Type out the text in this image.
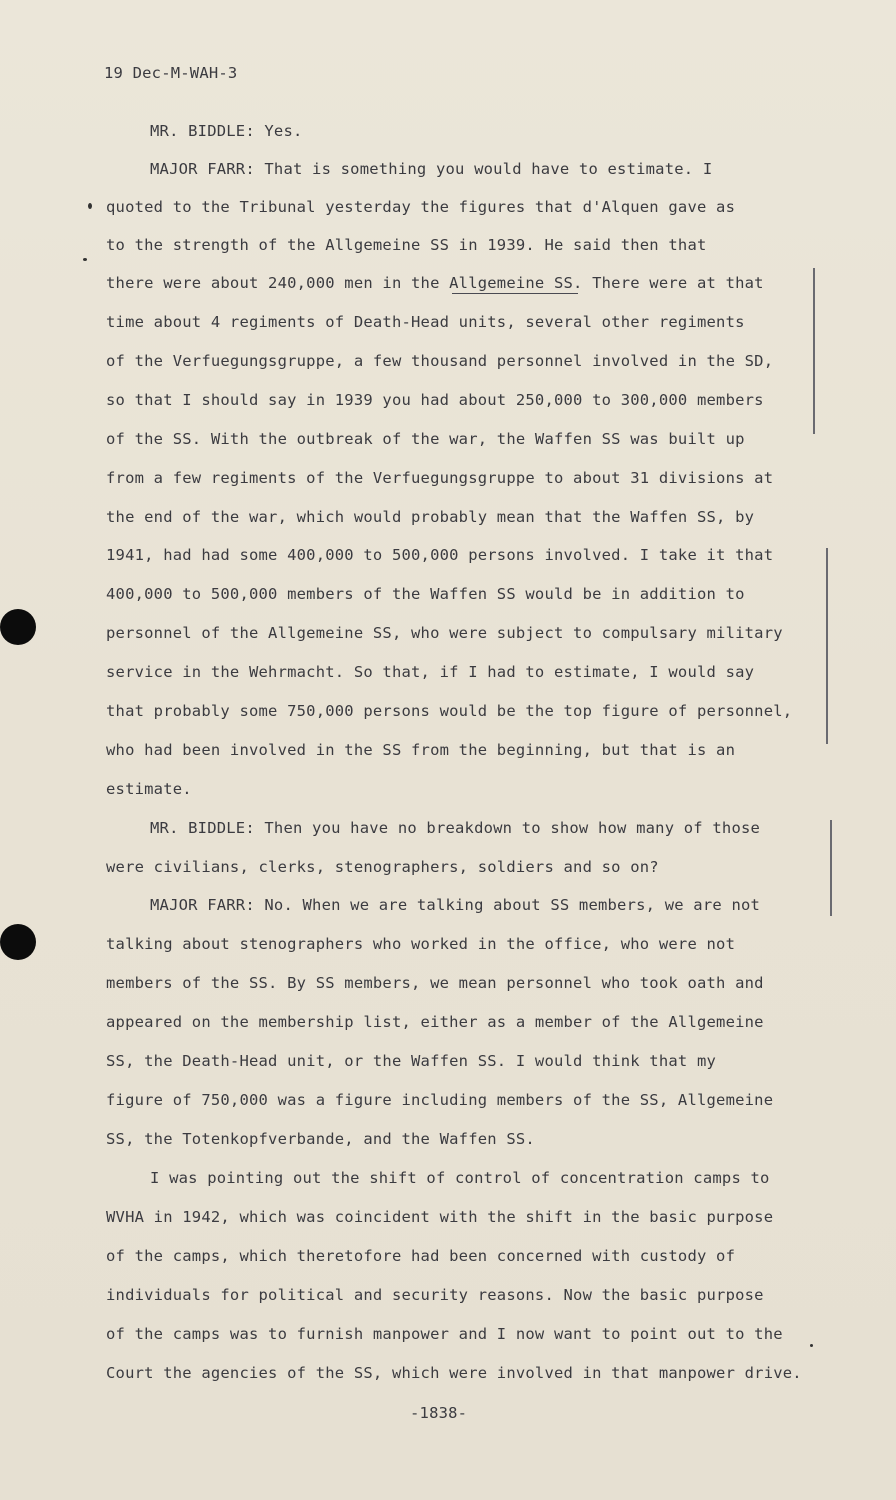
19 Dec-M-WAH-3
MR. BIDDLE: Yes.
MAJOR FARR: That is something you would have to estimate. I
quoted to the Tribunal yesterday the figures that d'Alquen gave as
to the strength of the Allgemeine SS in 1939. He said then that
there were about 240,000 men in the Allgemeine SS. There were at that
time about 4 regiments of Death-Head units, several other regiments
of the Verfuegungsgruppe, a few thousand personnel involved in the SD,
so that I should say in 1939 you had about 250,000 to 300,000 members
of the SS. With the outbreak of the war, the Waffen SS was built up
from a few regiments of the Verfuegungsgruppe to about 31 divisions at
the end of the war, which would probably mean that the Waffen SS, by
1941, had had some 400,000 to 500,000 persons involved. I take it that
400,000 to 500,000 members of the Waffen SS would be in addition to
personnel of the Allgemeine SS, who were subject to compulsary military
service in the Wehrmacht. So that, if I had to estimate, I would say
that probably some 750,000 persons would be the top figure of personnel,
who had been involved in the SS from the beginning, but that is an
estimate.
MR. BIDDLE: Then you have no breakdown to show how many of those
were civilians, clerks, stenographers, soldiers and so on?
MAJOR FARR: No. When we are talking about SS members, we are not
talking about stenographers who worked in the office, who were not
members of the SS. By SS members, we mean personnel who took oath and
appeared on the membership list, either as a member of the Allgemeine
SS, the Death-Head unit, or the Waffen SS. I would think that my
figure of 750,000 was a figure including members of the SS, Allgemeine
SS, the Totenkopfverbande, and the Waffen SS.
I was pointing out the shift of control of concentration camps to
WVHA in 1942, which was coincident with the shift in the basic purpose
of the camps, which theretofore had been concerned with custody of
individuals for political and security reasons. Now the basic purpose
of the camps was to furnish manpower and I now want to point out to the
Court the agencies of the SS, which were involved in that manpower drive.
-1838-
